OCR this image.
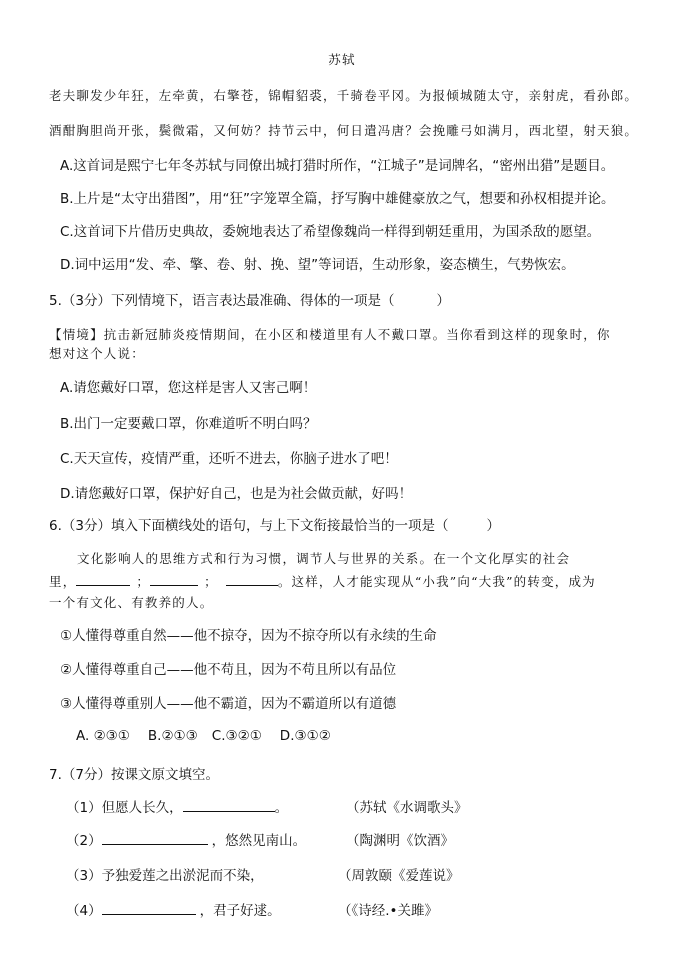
苏轼
老夫聊发少年狂，左牵黄，右擎苍，锦帽貂裘，千骑卷平冈。为报倾城随太守，亲射虎，看孙郎。
酒酣胸胆尚开张，鬓微霜，又何妨？持节云中，何日遣冯唐？会挽雕弓如满月，西北望，射天狼。
A.这首词是熙宁七年冬苏轼与同僚出城打猎时所作，“江城子”是词牌名，“密州出猎”是题目。
B.上片是“太守出猎图”，用“狂”字笼罩全篇，抒写胸中雄健豪放之气，想要和孙权相提并论。
C.这首词下片借历史典故，委婉地表达了希望像魏尚一样得到朝廷重用，为国杀敌的愿望。
D.词中运用“发、牵、擎、卷、射、挽、望”等词语，生动形象，姿态横生，气势恢宏。
5.（3分）下列情境下，语言表达最准确、得体的一项是（	）
【情境】抗击新冠肺炎疫情期间，在小区和楼道里有人不戴口罩。当你看到这样的现象时，你
想对这个人说：
A.请您戴好口罩，您这样是害人又害己啊！
B.出门一定要戴口罩，你难道听不明白吗？
C.天天宣传，疫情严重，还听不进去，你脑子进水了吧！
D.请您戴好口罩，保护好自己，也是为社会做贡献，好吗！
6.（3分）填入下面横线处的语句，与上下文衔接最恰当的一项是（	）
文化影响人的思维方式和行为习惯，调节人与世界的关系。在一个文化厚实的社会
里，	；	；	。这样，人才能实现从“小我”向“大我”的转变，成为
一个有文化、有教养的人。
①人懂得尊重自然——他不掠夺，因为不掠夺所以有永续的生命
②人懂得尊重自己——他不苟且，因为不苟且所以有品位
③人懂得尊重别人——他不霸道，因为不霸道所以有道德
A. ②③① B.②①③ C.③②① D.③①②
7.（7分）按课文原文填空。
（1）但愿人长久，	。	（苏轼《水调歌头》
（2）	，悠然见南山。	（陶渊明《饮酒》
（3）予独爱莲之出淤泥而不染，	（周敦颐《爱莲说》
（4）	，君子好逑。	（《诗经.•关雎》
